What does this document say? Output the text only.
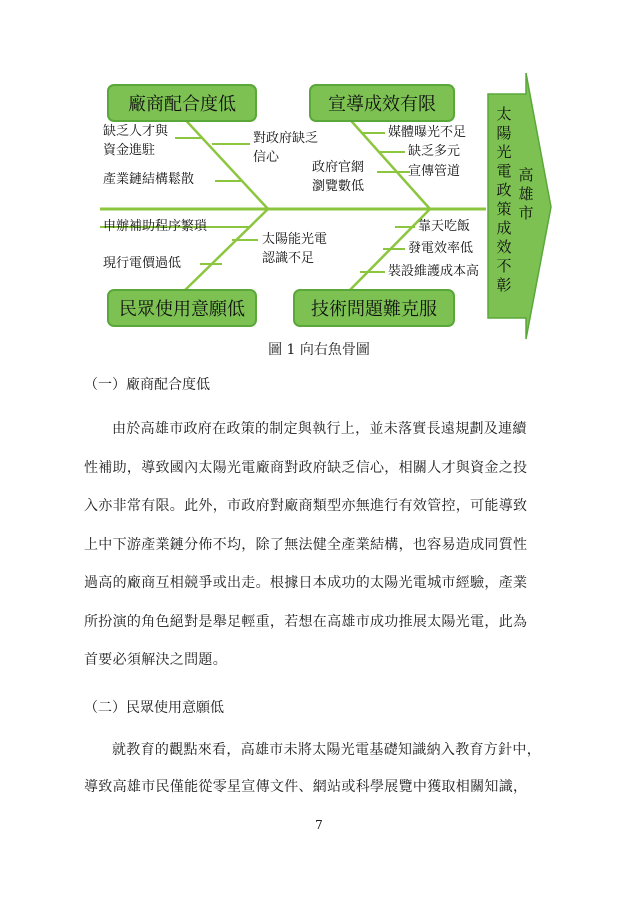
廠商配合度低	宣導成效有限
民眾使用意願低	技術問題難克服
缺乏人才與
資金進駐
產業鏈結構鬆散
對政府缺乏
信心
媒體曝光不足
缺乏多元
宣傳管道
政府官網
瀏覽數低
申辦補助程序繁瑣
現行電價過低
太陽能光電
認識不足
靠天吃飯
發電效率低
裝設維護成本高
太陽光電政策成效不彰
高雄市
圖 1 向右魚骨圖
（一）廠商配合度低
由於高雄市政府在政策的制定與執行上，並未落實長遠規劃及連續
性補助，導致國內太陽光電廠商對政府缺乏信心，相關人才與資金之投
入亦非常有限。此外，市政府對廠商類型亦無進行有效管控，可能導致
上中下游產業鏈分佈不均，除了無法健全產業結構，也容易造成同質性
過高的廠商互相競爭或出走。根據日本成功的太陽光電城市經驗，產業
所扮演的角色絕對是舉足輕重，若想在高雄市成功推展太陽光電，此為
首要必須解決之問題。
（二）民眾使用意願低
就教育的觀點來看，高雄市未將太陽光電基礎知識納入教育方針中，
導致高雄市民僅能從零星宣傳文件、網站或科學展覽中獲取相關知識，
7
